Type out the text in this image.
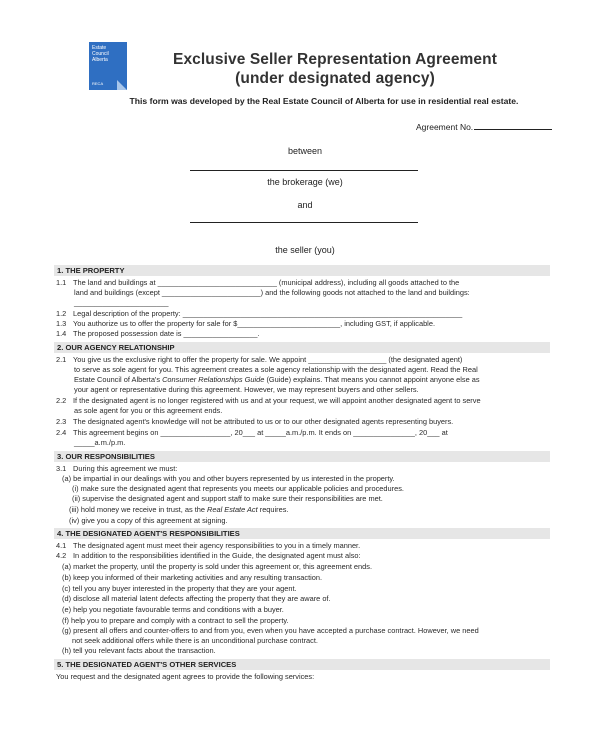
Estate
Council
Alberta
RECA
Exclusive Seller Representation Agreement
(under designated agency)
This form was developed by the Real Estate Council of Alberta for use in residential real estate.
Agreement No.
between
the brokerage (we)
and
the seller (you)
1. THE PROPERTY
1.1 The land and buildings at _____________________________ (municipal address), including all goods attached to the
land and buildings (except ________________________) and the following goods not attached to the land and buildings:
_______________________
1.2 Legal description of the property: ____________________________________________________________________
1.3 You authorize us to offer the property for sale for $_________________________, including GST, if applicable.
1.4 The proposed possession date is __________________.
2. OUR AGENCY RELATIONSHIP
2.1 You give us the exclusive right to offer the property for sale. We appoint ___________________ (the designated agent)
to serve as sole agent for you. This agreement creates a sole agency relationship with the designated agent. Read the Real
Estate Council of Alberta's Consumer Relationships Guide (Guide) explains. That means you cannot appoint anyone else as
your agent or representative during this agreement. However, we may represent buyers and other sellers.
2.2 If the designated agent is no longer registered with us and at your request, we will appoint another designated agent to serve
as sole agent for you or this agreement ends.
2.3 The designated agent's knowledge will not be attributed to us or to our other designated agents representing buyers.
2.4 This agreement begins on _________________, 20___ at _____a.m./p.m. It ends on _______________, 20___ at
_____a.m./p.m.
3. OUR RESPONSIBILITIES
3.1 During this agreement we must:
(a) be impartial in our dealings with you and other buyers represented by us interested in the property.
(i) make sure the designated agent that represents you meets our applicable policies and procedures.
(ii) supervise the designated agent and support staff to make sure their responsibilities are met.
(iii) hold money we receive in trust, as the Real Estate Act requires.
(iv) give you a copy of this agreement at signing.
4. THE DESIGNATED AGENT'S RESPONSIBILITIES
4.1 The designated agent must meet their agency responsibilities to you in a timely manner.
4.2 In addition to the responsibilities identified in the Guide, the designated agent must also:
(a) market the property, until the property is sold under this agreement or, this agreement ends.
(b) keep you informed of their marketing activities and any resulting transaction.
(c) tell you any buyer interested in the property that they are your agent.
(d) disclose all material latent defects affecting the property that they are aware of.
(e) help you negotiate favourable terms and conditions with a buyer.
(f) help you to prepare and comply with a contract to sell the property.
(g) present all offers and counter-offers to and from you, even when you have accepted a purchase contract. However, we need
not seek additional offers while there is an unconditional purchase contract.
(h) tell you relevant facts about the transaction.
5. THE DESIGNATED AGENT'S OTHER SERVICES
You request and the designated agent agrees to provide the following services:
